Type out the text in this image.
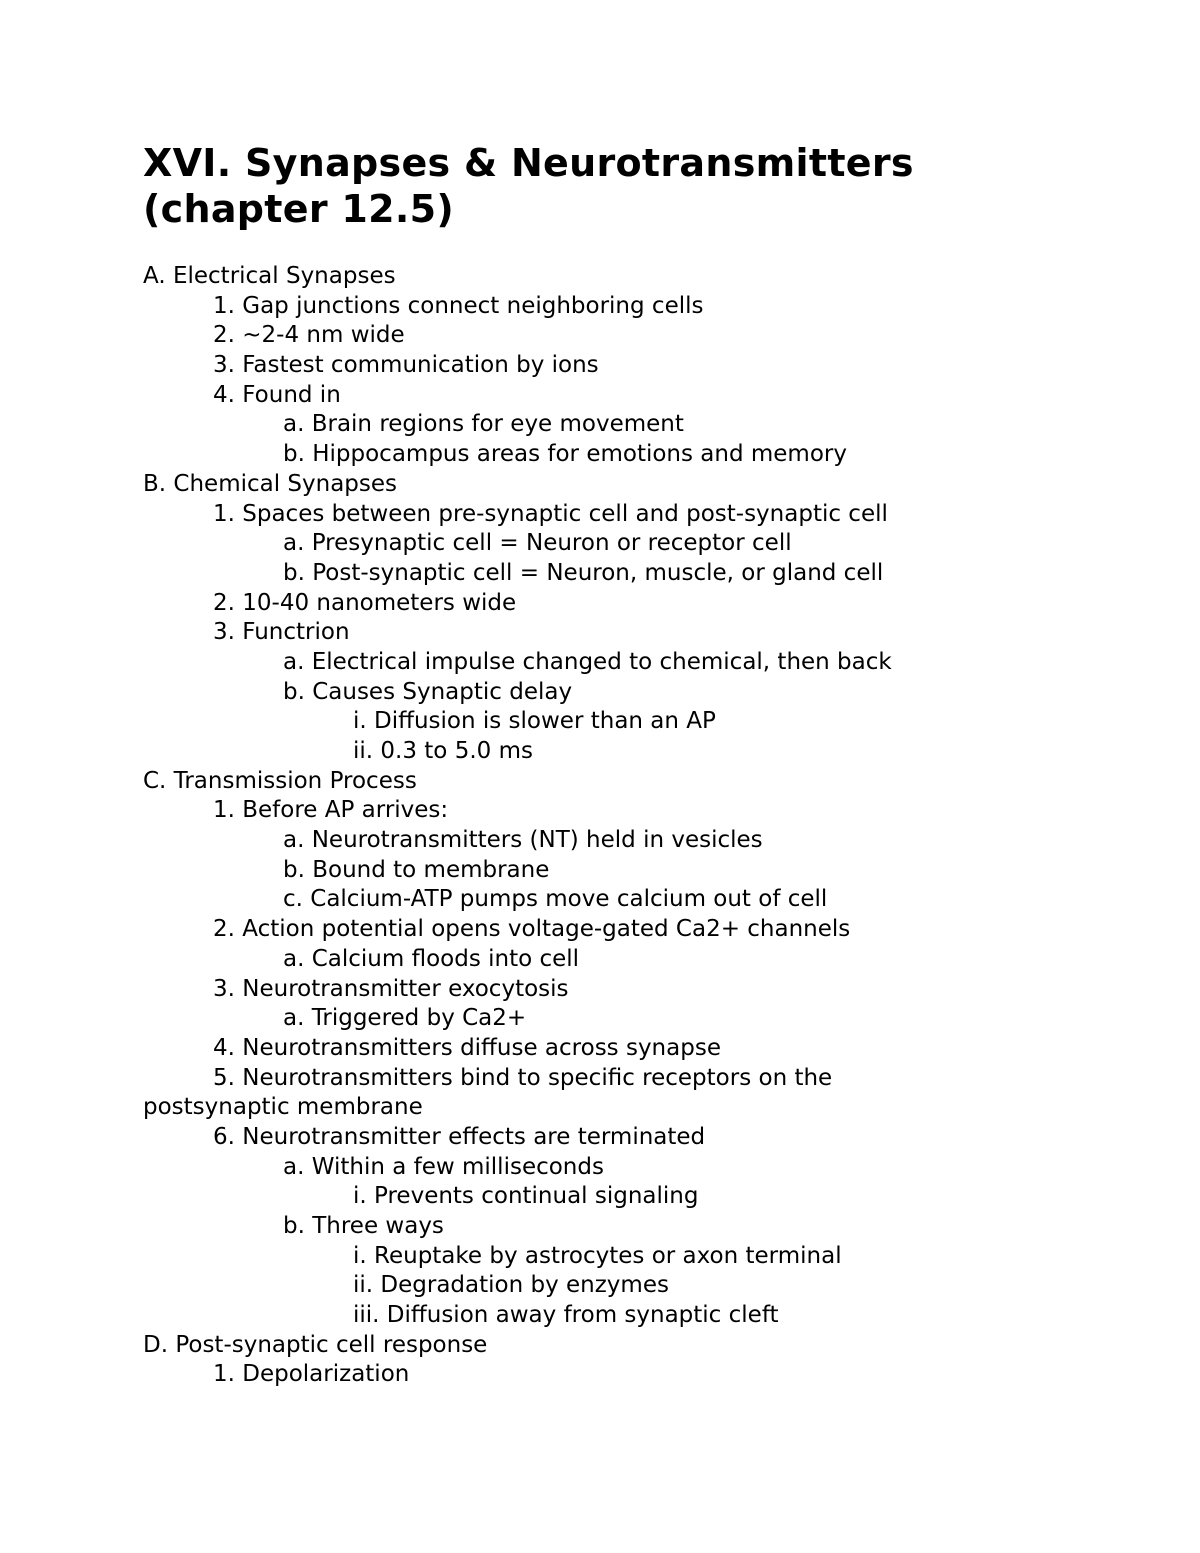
XVI. Synapses & Neurotransmitters
(chapter 12.5)
A. Electrical Synapses
1. Gap junctions connect neighboring cells
2. ~2-4 nm wide
3. Fastest communication by ions
4. Found in
a. Brain regions for eye movement
b. Hippocampus areas for emotions and memory
B. Chemical Synapses
1. Spaces between pre-synaptic cell and post-synaptic cell
a. Presynaptic cell = Neuron or receptor cell
b. Post-synaptic cell = Neuron, muscle, or gland cell
2. 10-40 nanometers wide
3. Functrion
a. Electrical impulse changed to chemical, then back
b. Causes Synaptic delay
i. Diffusion is slower than an AP
ii. 0.3 to 5.0 ms
C. Transmission Process
1. Before AP arrives:
a. Neurotransmitters (NT) held in vesicles
b. Bound to membrane
c. Calcium-ATP pumps move calcium out of cell
2. Action potential opens voltage-gated Ca2+ channels
a. Calcium floods into cell
3. Neurotransmitter exocytosis
a. Triggered by Ca2+
4. Neurotransmitters diffuse across synapse
5. Neurotransmitters bind to specific receptors on the
postsynaptic membrane
6. Neurotransmitter effects are terminated
a. Within a few milliseconds
i. Prevents continual signaling
b. Three ways
i. Reuptake by astrocytes or axon terminal
ii. Degradation by enzymes
iii. Diffusion away from synaptic cleft
D. Post-synaptic cell response
1. Depolarization
